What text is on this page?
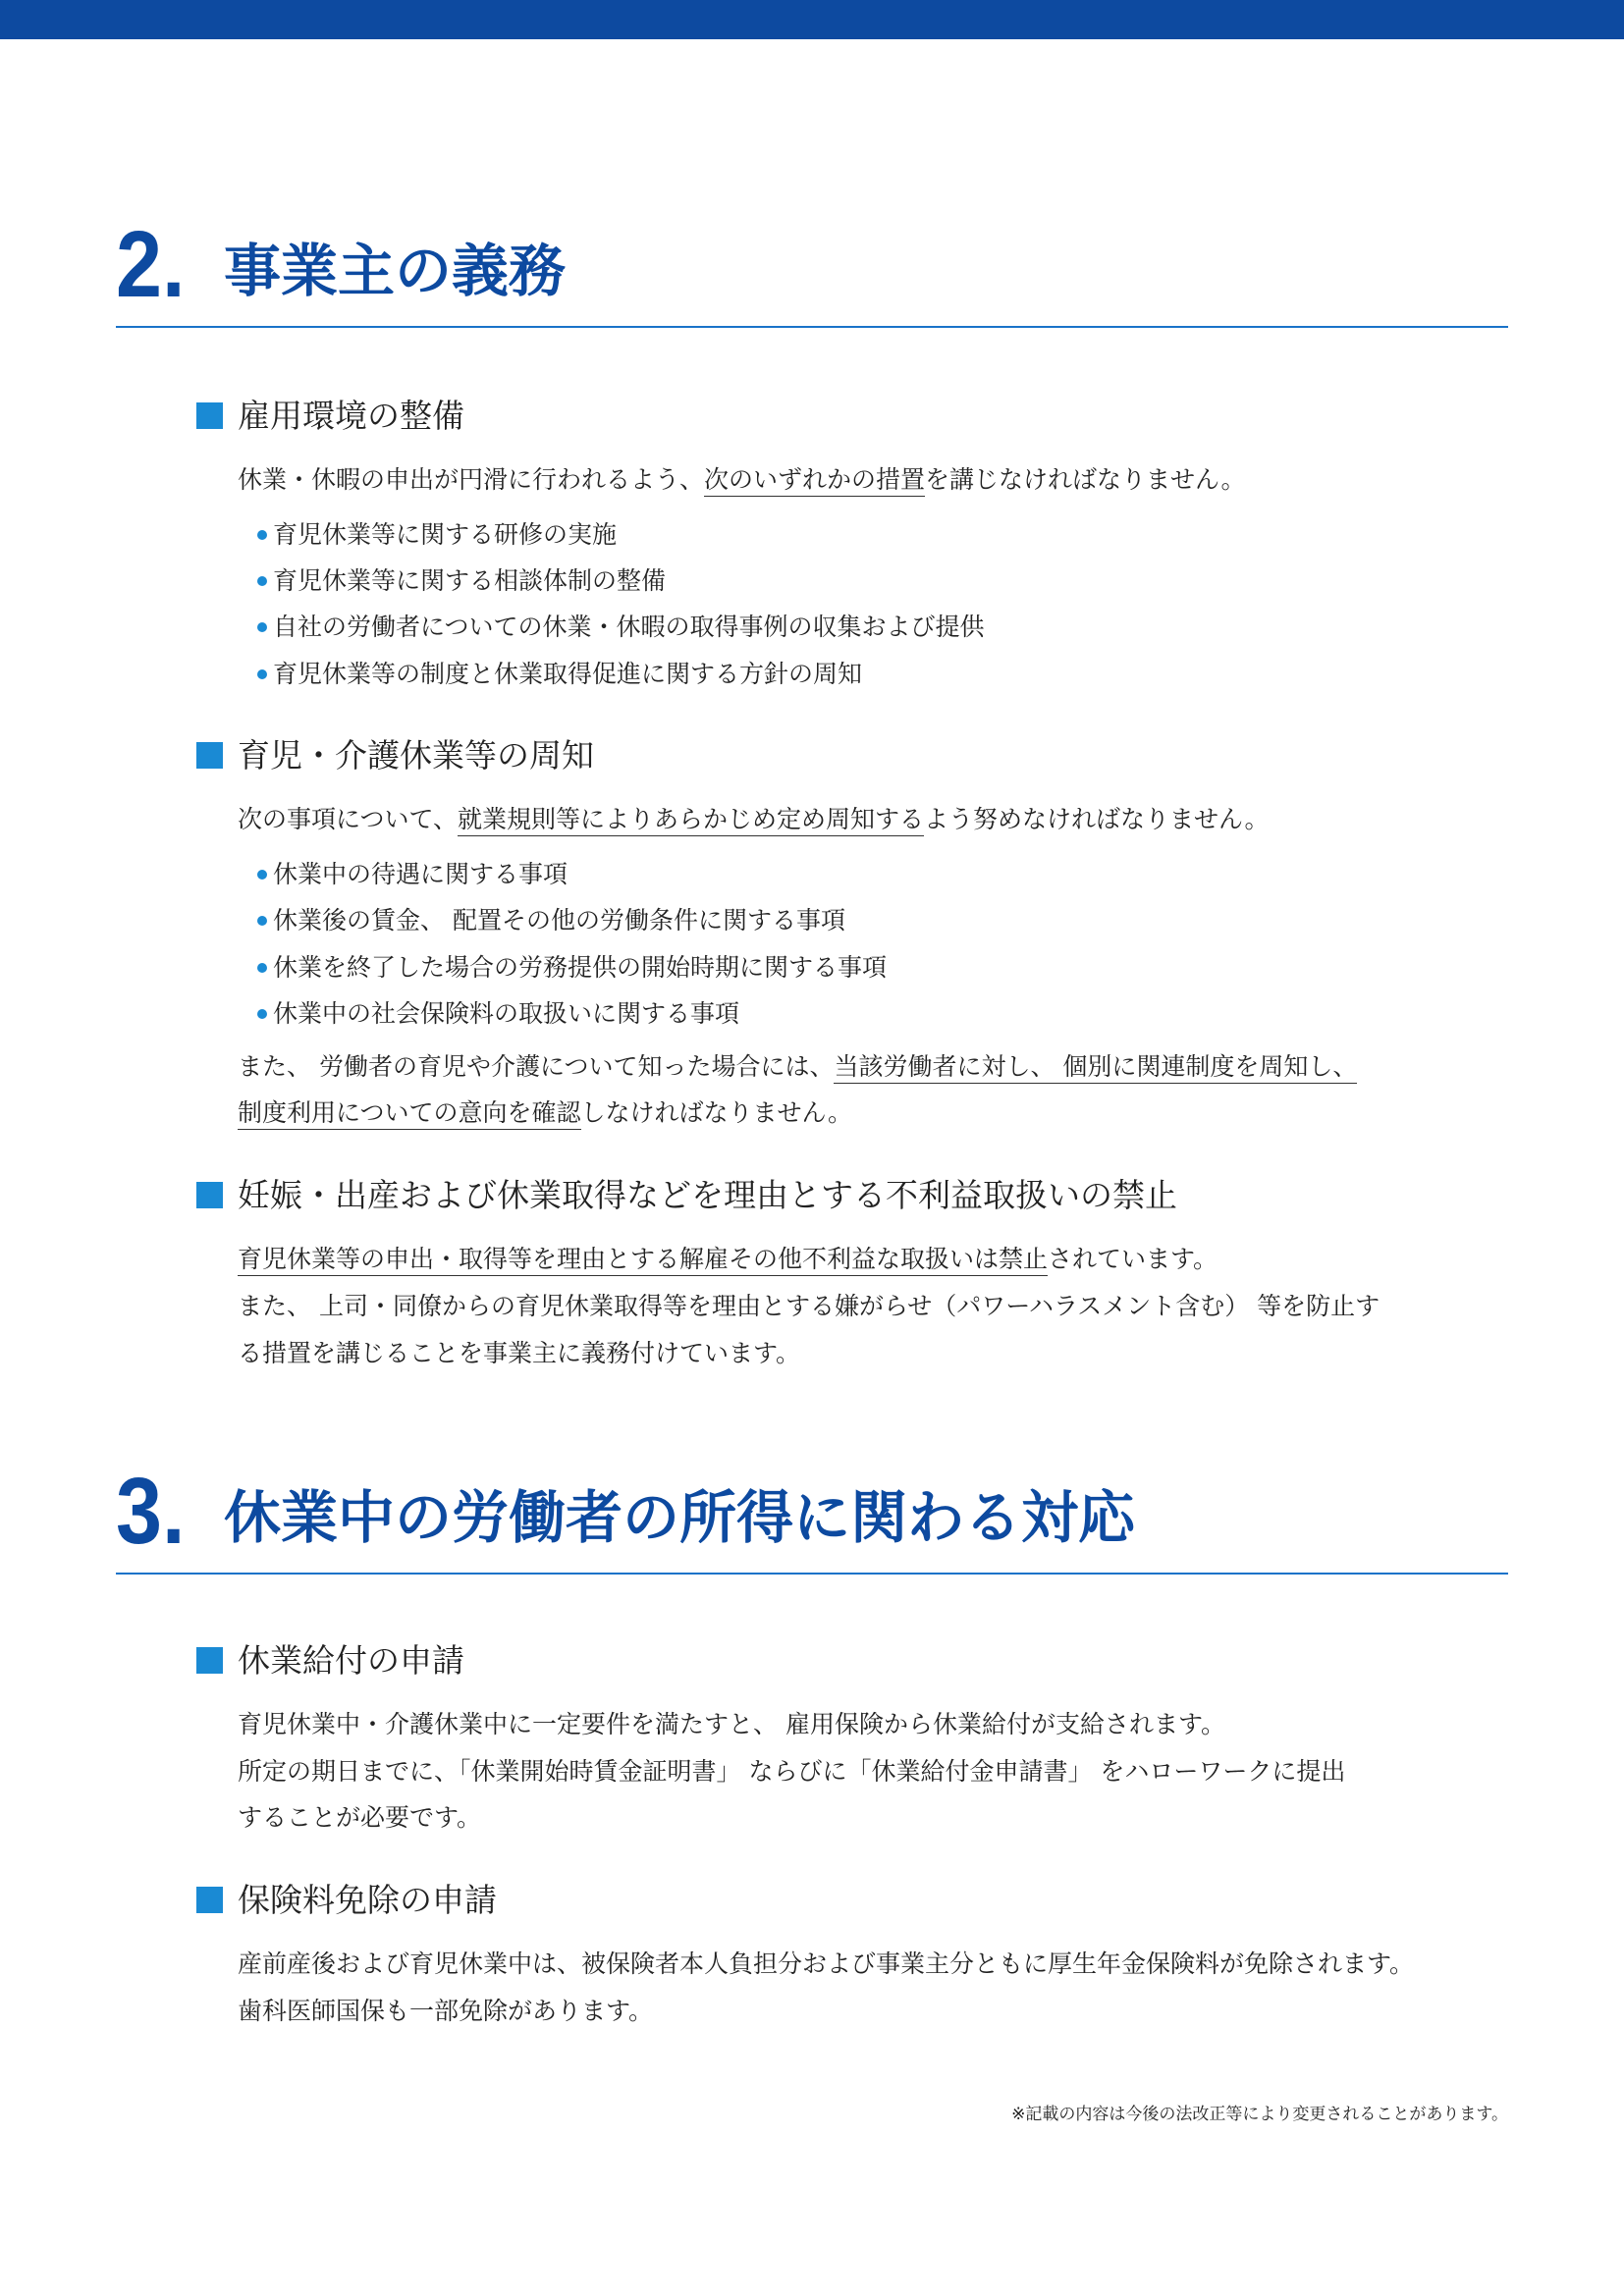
2. 事業主の義務
雇用環境の整備
休業・休暇の申出が円滑に行われるよう、次のいずれかの措置を講じなければなりません。
育児休業等に関する研修の実施
育児休業等に関する相談体制の整備
自社の労働者についての休業・休暇の取得事例の収集および提供
育児休業等の制度と休業取得促進に関する方針の周知
育児・介護休業等の周知
次の事項について、就業規則等によりあらかじめ定め周知するよう努めなければなりません。
休業中の待遇に関する事項
休業後の賃金、 配置その他の労働条件に関する事項
休業を終了した場合の労務提供の開始時期に関する事項
休業中の社会保険料の取扱いに関する事項
また、 労働者の育児や介護について知った場合には、当該労働者に対し、 個別に関連制度を周知し、
制度利用についての意向を確認しなければなりません。
妊娠・出産および休業取得などを理由とする不利益取扱いの禁止
育児休業等の申出・取得等を理由とする解雇その他不利益な取扱いは禁止されています。
また、 上司・同僚からの育児休業取得等を理由とする嫌がらせ（パワーハラスメント含む） 等を防止す
る措置を講じることを事業主に義務付けています。
3. 休業中の労働者の所得に関わる対応
休業給付の申請
育児休業中・介護休業中に一定要件を満たすと、 雇用保険から休業給付が支給されます。
所定の期日までに、「休業開始時賃金証明書」 ならびに「休業給付金申請書」 をハローワークに提出
することが必要です。
保険料免除の申請
産前産後および育児休業中は、被保険者本人負担分および事業主分ともに厚生年金保険料が免除されます。
歯科医師国保も一部免除があります。
※記載の内容は今後の法改正等により変更されることがあります。
